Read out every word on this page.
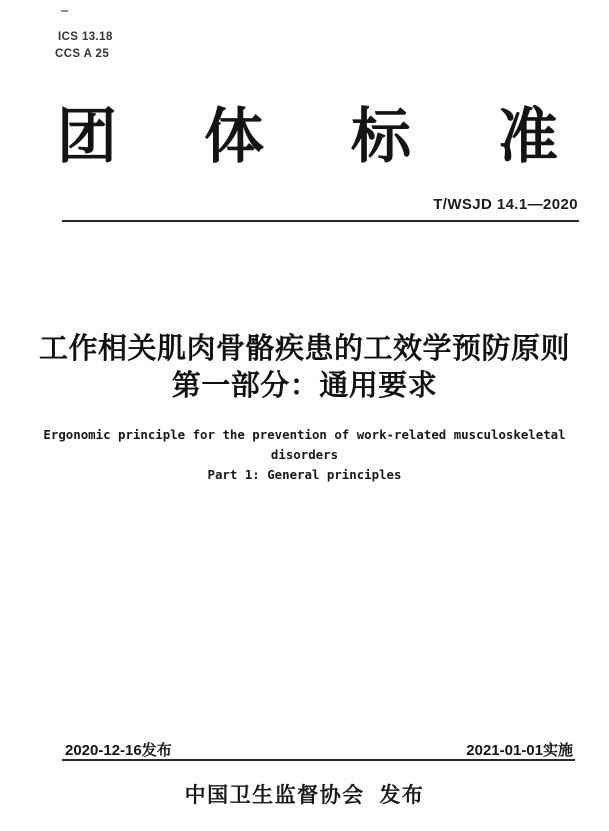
ICS 13.18
CCS A 25
团 体 标 准
T/WSJD 14.1—2020
工作相关肌肉骨骼疾患的工效学预防原则
第一部分：通用要求
Ergonomic principle for the prevention of work-related musculoskeletal
disorders
Part 1: General principles
2020-12-16发布	2021-01-01实施
中国卫生监督协会  发布
